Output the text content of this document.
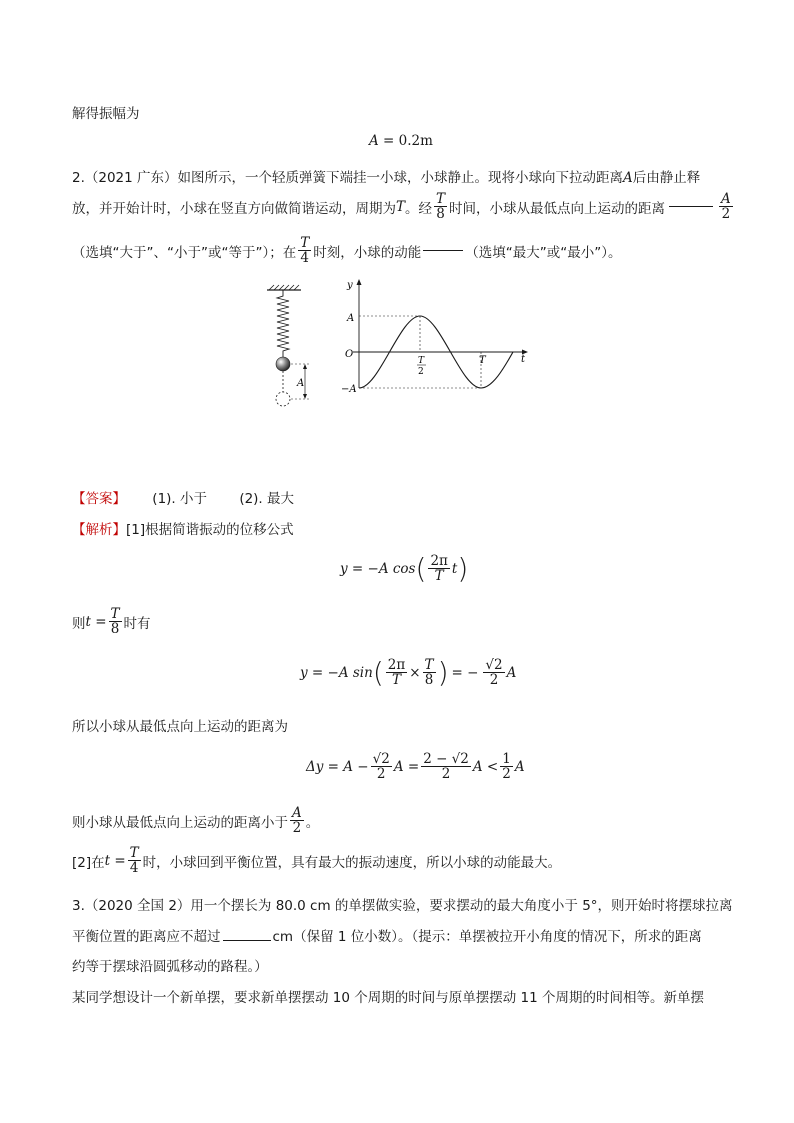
解得振幅为
A = 0.2m
2.（2021 广东）如图所示，一个轻质弹簧下端挂一小球，小球静止。现将小球向下拉动距离A后由静止释
放，并开始计时，小球在竖直方向做简谐运动，周期为 T 。经 $\frac{T}{8}$ 时间，小球从最低点向上运动的距离	$\frac{A}{2}$
（选填“大于”、“小于”或“等于”）；在 $\frac{T}{4}$ 时刻，小球的动能	（选填“最大”或“最小”）。
A
y
t
O
A
−A
T
2
T
【答案】 (1). 小于 (2). 最大
【解析】[1]根据简谐振动的位移公式
y = −A cos ( $\frac{2\pi}{T}$ t )
则 $t = \frac{T}{8}$ 时有
y = −A sin ( $\frac{2\pi}{T} \times \frac{T}{8}$ ) = − $\frac{√2}{2}$ A
所以小球从最低点向上运动的距离为
$\Delta y = A - \frac{√2}{2}$ $A = \frac{2 - √2}{2}$ $A < \frac{1}{2}$ A
则小球从最低点向上运动的距离小于 $\frac{A}{2}$ 。
[2]在 $t = \frac{T}{4}$ 时，小球回到平衡位置，具有最大的振动速度，所以小球的动能最大。
3.（2020 全国 2）用一个摆长为 80.0 cm 的单摆做实验，要求摆动的最大角度小于 5°，则开始时将摆球拉离
平衡位置的距离应不超过	cm（保留 1 位小数）。（提示：单摆被拉开小角度的情况下，所求的距离
约等于摆球沿圆弧移动的路程。）
某同学想设计一个新单摆，要求新单摆摆动 10 个周期的时间与原单摆摆动 11 个周期的时间相等。新单摆
